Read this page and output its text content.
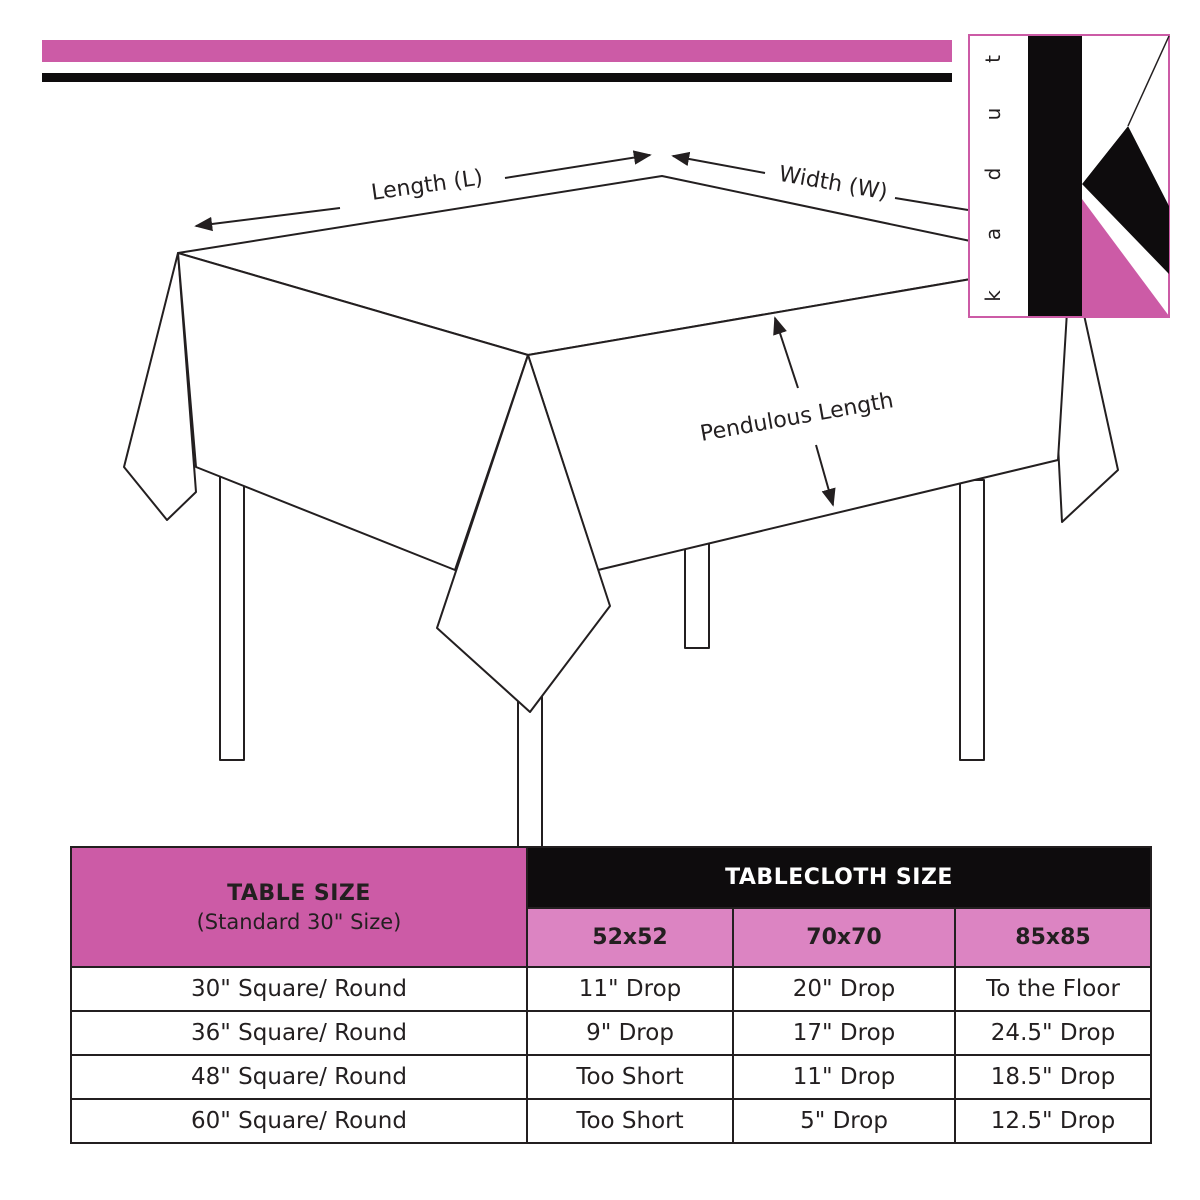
Length (L)	Width (W)
Pendulous Length
k
a
d
u
t
TABLE SIZE
(Standard 30" Size)	TABLECLOTH SIZE		
	52x52	70x70	85x85
30" Square/ Round	11" Drop	20" Drop	To the Floor
36" Square/ Round	9" Drop	17" Drop	24.5" Drop
48" Square/ Round	Too Short	11" Drop	18.5" Drop
60" Square/ Round	Too Short	5" Drop	12.5" Drop
